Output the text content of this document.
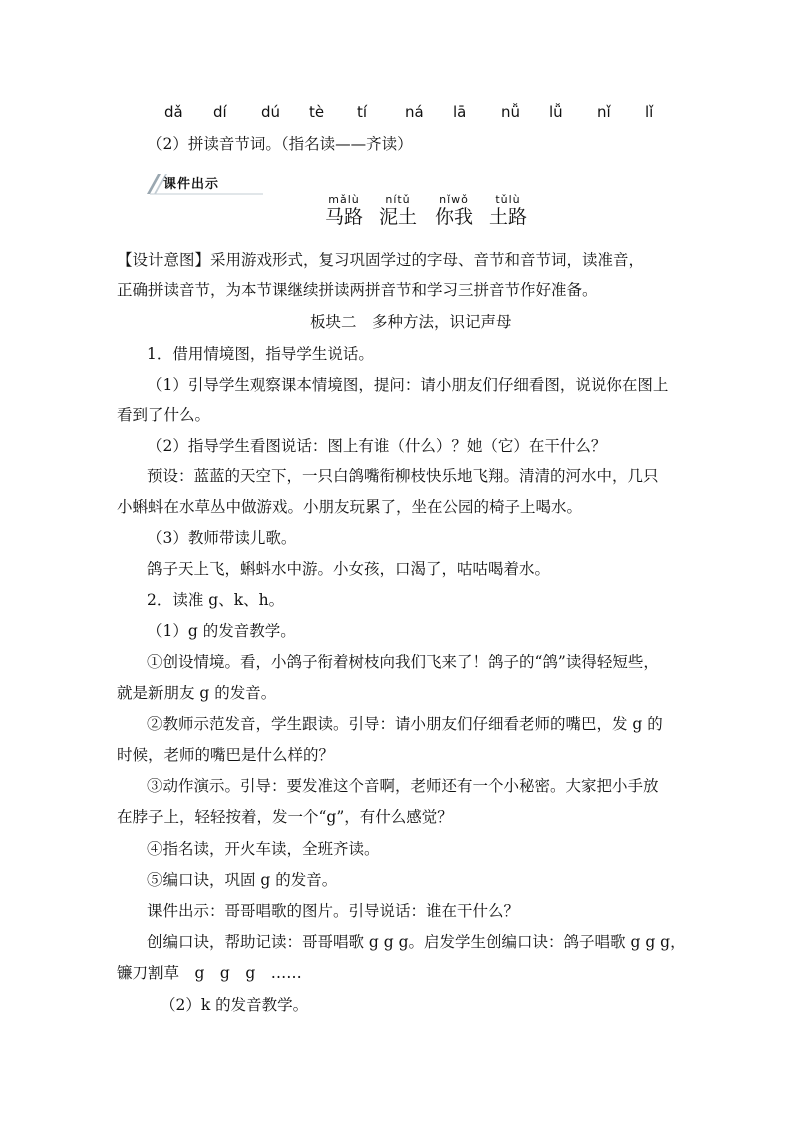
dǎ dí dú tè tí	ná lā nǚ lǚ nǐ lǐ
（2）拼读音节词。（指名读——齐读）
课件出示
mǎlù
马路
nítǔ
泥土
nǐwǒ
你我
tǔlù
土路
【设计意图】采用游戏形式，复习巩固学过的字母、音节和音节词，读准音，
正确拼读音节，为本节课继续拼读两拼音节和学习三拼音节作好准备。
板块二　多种方法，识记声母
1．借用情境图，指导学生说话。
（1）引导学生观察课本情境图，提问：请小朋友们仔细看图，说说你在图上
看到了什么。
（2）指导学生看图说话：图上有谁（什么）？她（它）在干什么？
预设：蓝蓝的天空下，一只白鸽嘴衔柳枝快乐地飞翔。清清的河水中，几只
小蝌蚪在水草丛中做游戏。小朋友玩累了，坐在公园的椅子上喝水。
（3）教师带读儿歌。
鸽子天上飞，蝌蚪水中游。小女孩，口渴了，咕咕喝着水。
2．读准 g、k、h。
（1）g 的发音教学。
①创设情境。看，小鸽子衔着树枝向我们飞来了！鸽子的“鸽”读得轻短些，
就是新朋友 g 的发音。
②教师示范发音，学生跟读。引导：请小朋友们仔细看老师的嘴巴，发 g 的
时候，老师的嘴巴是什么样的？
③动作演示。引导：要发准这个音啊，老师还有一个小秘密。大家把小手放
在脖子上，轻轻按着，发一个“g”，有什么感觉？
④指名读，开火车读，全班齐读。
⑤编口诀，巩固 g 的发音。
课件出示：哥哥唱歌的图片。引导说话：谁在干什么？
创编口诀，帮助记读：哥哥唱歌 g g g。启发学生创编口诀：鸽子唱歌 g g g，
镰刀割草　g　g　g　……
（2）k 的发音教学。
